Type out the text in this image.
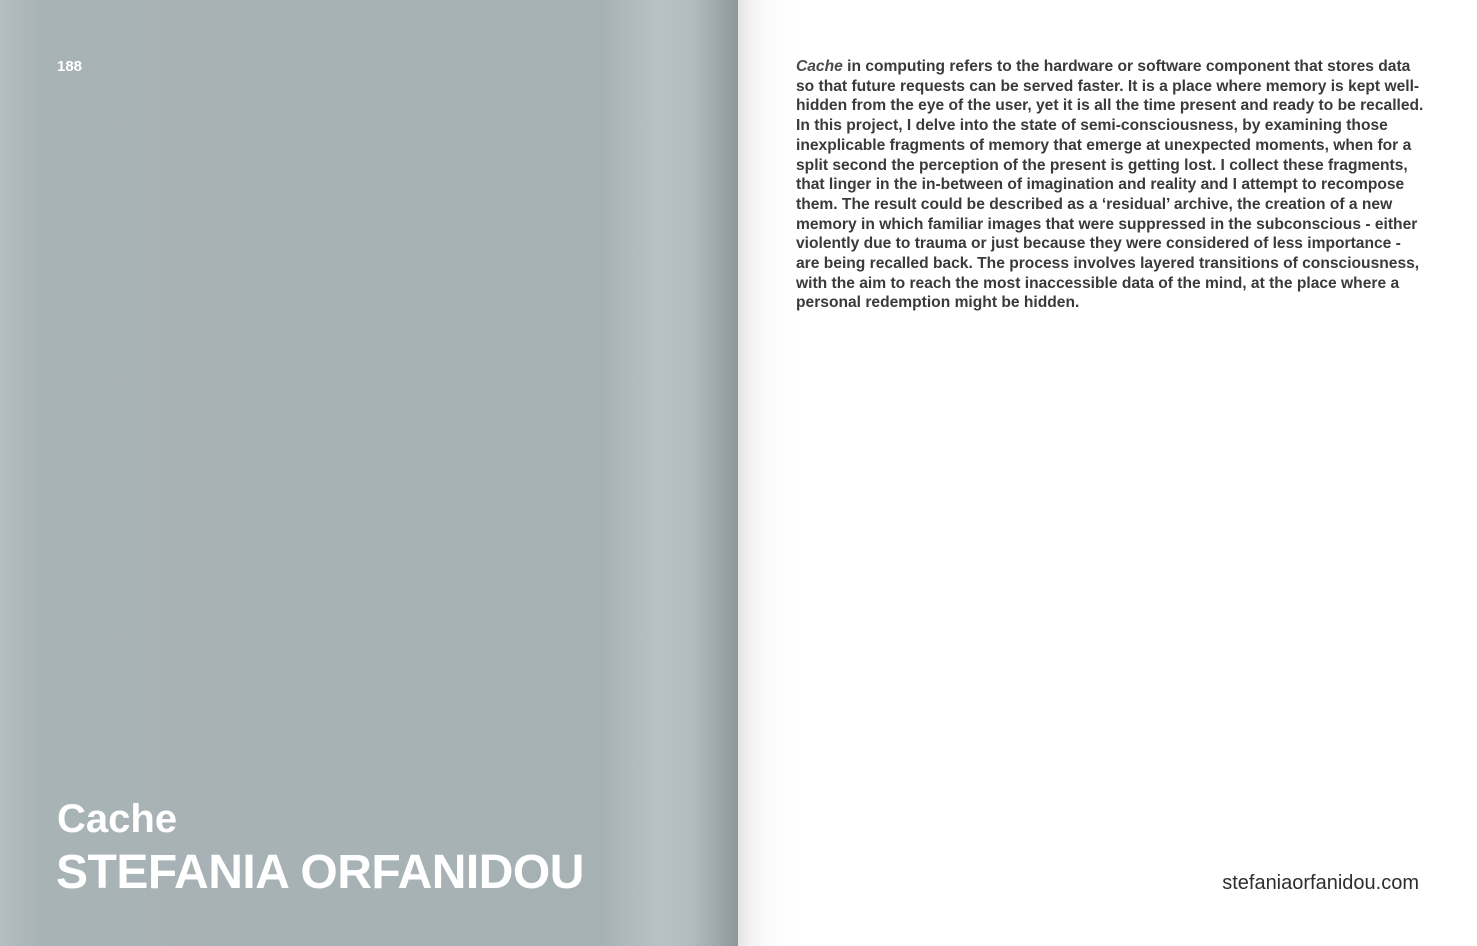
188
Cache
STEFANIA ORFANIDOU

Cache in computing refers to the hardware or software component that stores data so that future requests can be served faster. It is a place where memory is kept well-hidden from the eye of the user, yet it is all the time present and ready to be recalled. In this project, I delve into the state of semi-consciousness, by examining those inexplicable fragments of memory that emerge at unexpected moments, when for a split second the perception of the present is getting lost. I collect these fragments, that linger in the in-between of imagination and reality and I attempt to recompose them. The result could be described as a ‘residual’ archive, the creation of a new memory in which familiar images that were suppressed in the subconscious - either violently due to trauma or just because they were considered of less importance - are being recalled back. The process involves layered transitions of consciousness, with the aim to reach the most inaccessible data of the mind, at the place where a personal redemption might be hidden.

stefaniaorfanidou.com
